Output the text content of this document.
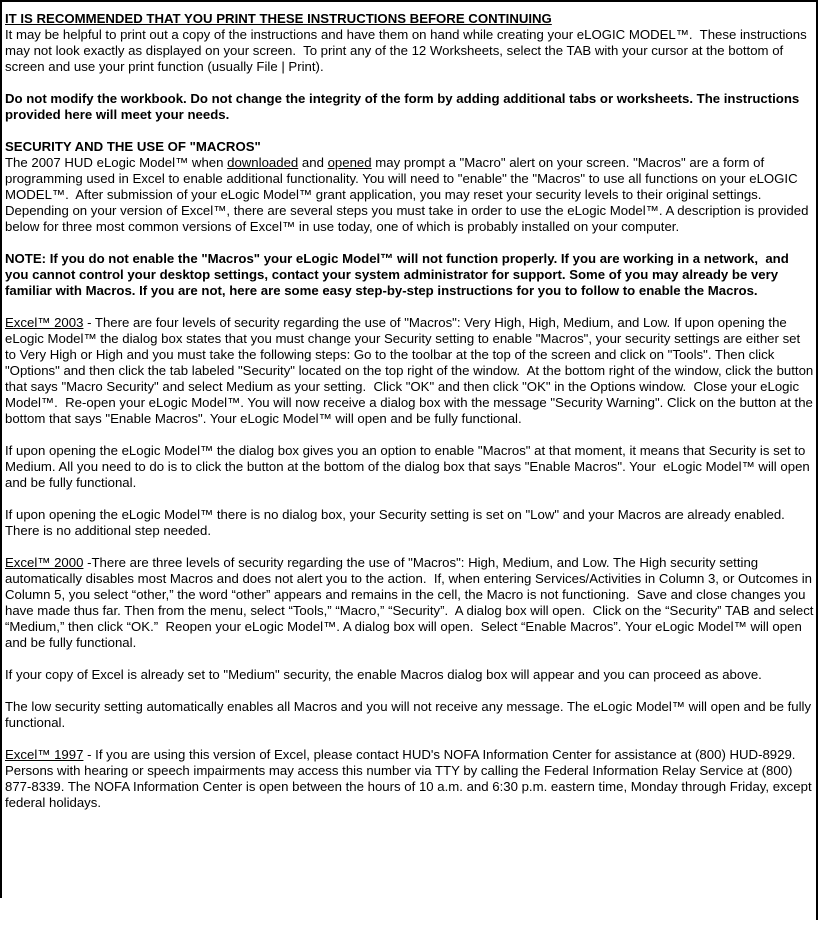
IT IS RECOMMENDED THAT YOU PRINT THESE INSTRUCTIONS BEFORE CONTINUING

It may be helpful to print out a copy of the instructions and have them on hand while creating your eLOGIC MODEL™.  These instructions may not look exactly as displayed on your screen.  To print any of the 12 Worksheets, select the TAB with your cursor at the bottom of screen and use your print function (usually File | Print).

Do not modify the workbook. Do not change the integrity of the form by adding additional tabs or worksheets. The instructions provided here will meet your needs.

SECURITY AND THE USE OF "MACROS"

The 2007 HUD eLogic Model™ when downloaded and opened may prompt a "Macro" alert on your screen. "Macros" are a form of programming used in Excel to enable additional functionality. You will need to "enable" the "Macros" to use all functions on your eLOGIC MODEL™.  After submission of your eLogic Model™ grant application, you may reset your security levels to their original settings. Depending on your version of Excel™, there are several steps you must take in order to use the eLogic Model™. A description is provided below for three most common versions of Excel™ in use today, one of which is probably installed on your computer.

NOTE: If you do not enable the "Macros" your eLogic Model™ will not function properly. If you are working in a network,  and you cannot control your desktop settings, contact your system administrator for support. Some of you may already be very familiar with Macros. If you are not, here are some easy step-by-step instructions for you to follow to enable the Macros.

Excel™ 2003 - There are four levels of security regarding the use of "Macros": Very High, High, Medium, and Low. If upon opening the eLogic Model™ the dialog box states that you must change your Security setting to enable "Macros", your security settings are either set to Very High or High and you must take the following steps: Go to the toolbar at the top of the screen and click on "Tools". Then click "Options" and then click the tab labeled "Security" located on the top right of the window.  At the bottom right of the window, click the button that says "Macro Security" and select Medium as your setting.  Click "OK" and then click "OK" in the Options window.  Close your eLogic Model™.  Re-open your eLogic Model™. You will now receive a dialog box with the message "Security Warning". Click on the button at the bottom that says "Enable Macros". Your eLogic Model™ will open and be fully functional.

If upon opening the eLogic Model™ the dialog box gives you an option to enable "Macros" at that moment, it means that Security is set to Medium. All you need to do is to click the button at the bottom of the dialog box that says "Enable Macros". Your  eLogic Model™ will open and be fully functional.

If upon opening the eLogic Model™ there is no dialog box, your Security setting is set on "Low" and your Macros are already enabled. There is no additional step needed.

Excel™ 2000 -There are three levels of security regarding the use of "Macros": High, Medium, and Low. The High security setting automatically disables most Macros and does not alert you to the action.  If, when entering Services/Activities in Column 3, or Outcomes in Column 5, you select “other,” the word “other” appears and remains in the cell, the Macro is not functioning.  Save and close changes you have made thus far. Then from the menu, select “Tools,” “Macro,” “Security”.  A dialog box will open.  Click on the “Security” TAB and select “Medium,” then click “OK.”  Reopen your eLogic Model™. A dialog box will open.  Select “Enable Macros”. Your eLogic Model™ will open and be fully functional.

If your copy of Excel is already set to "Medium" security, the enable Macros dialog box will appear and you can proceed as above.

The low security setting automatically enables all Macros and you will not receive any message. The eLogic Model™ will open and be fully functional.

Excel™ 1997 - If you are using this version of Excel, please contact HUD's NOFA Information Center for assistance at (800) HUD-8929. Persons with hearing or speech impairments may access this number via TTY by calling the Federal Information Relay Service at (800) 877-8339. The NOFA Information Center is open between the hours of 10 a.m. and 6:30 p.m. eastern time, Monday through Friday, except federal holidays.
